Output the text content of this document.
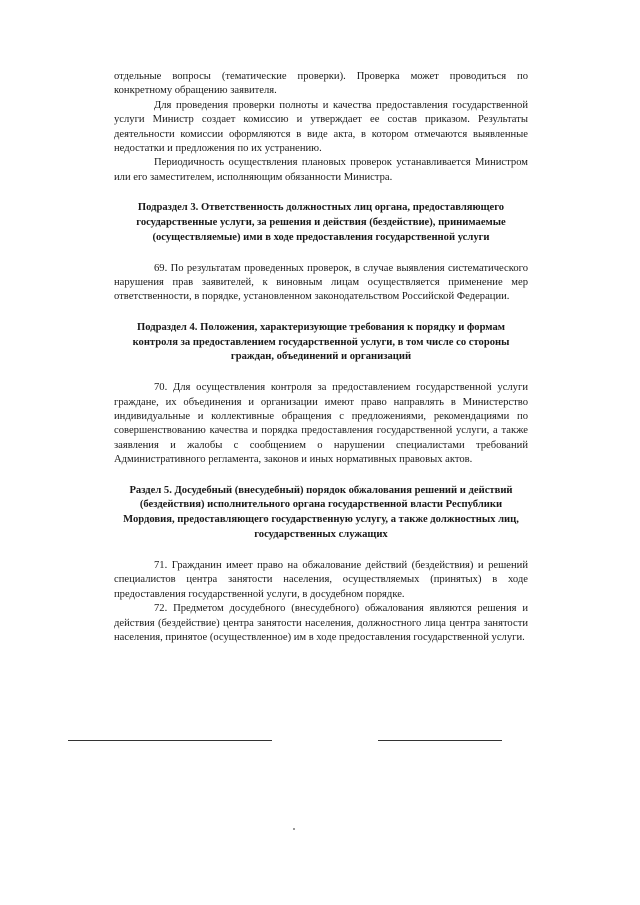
отдельные вопросы (тематические проверки). Проверка может проводиться по конкретному обращению заявителя.

Для проведения проверки полноты и качества предоставления государственной услуги Министр создает комиссию и утверждает ее состав приказом. Результаты деятельности комиссии оформляются в виде акта, в котором отмечаются выявленные недостатки и предложения по их устранению.

Периодичность осуществления плановых проверок устанавливается Министром или его заместителем, исполняющим обязанности Министра.

Подраздел 3. Ответственность должностных лиц органа, предоставляющего государственные услуги, за решения и действия (бездействие), принимаемые (осуществляемые) ими в ходе предоставления государственной услуги

69. По результатам проведенных проверок, в случае выявления систематического нарушения прав заявителей, к виновным лицам осуществляется применение мер ответственности, в порядке, установленном законодательством Российской Федерации.

Подраздел 4. Положения, характеризующие требования к порядку и формам контроля за предоставлением государственной услуги, в том числе со стороны граждан, объединений и организаций

70. Для осуществления контроля за предоставлением государственной услуги граждане, их объединения и организации имеют право направлять в Министерство индивидуальные и коллективные обращения с предложениями, рекомендациями по совершенствованию качества и порядка предоставления государственной услуги, а также заявления и жалобы с сообщением о нарушении специалистами требований Административного регламента, законов и иных нормативных правовых актов.

Раздел 5. Досудебный (внесудебный) порядок обжалования решений и действий (бездействия) исполнительного органа государственной власти Республики Мордовия, предоставляющего государственную услугу, а также должностных лиц, государственных служащих

71. Гражданин имеет право на обжалование действий (бездействия) и решений специалистов центра занятости населения, осуществляемых (принятых) в ходе предоставления государственной услуги, в досудебном порядке.

72. Предметом досудебного (внесудебного) обжалования являются решения и действия (бездействие) центра занятости населения, должностного лица центра занятости населения, принятое (осуществленное) им в ходе предоставления государственной услуги.
